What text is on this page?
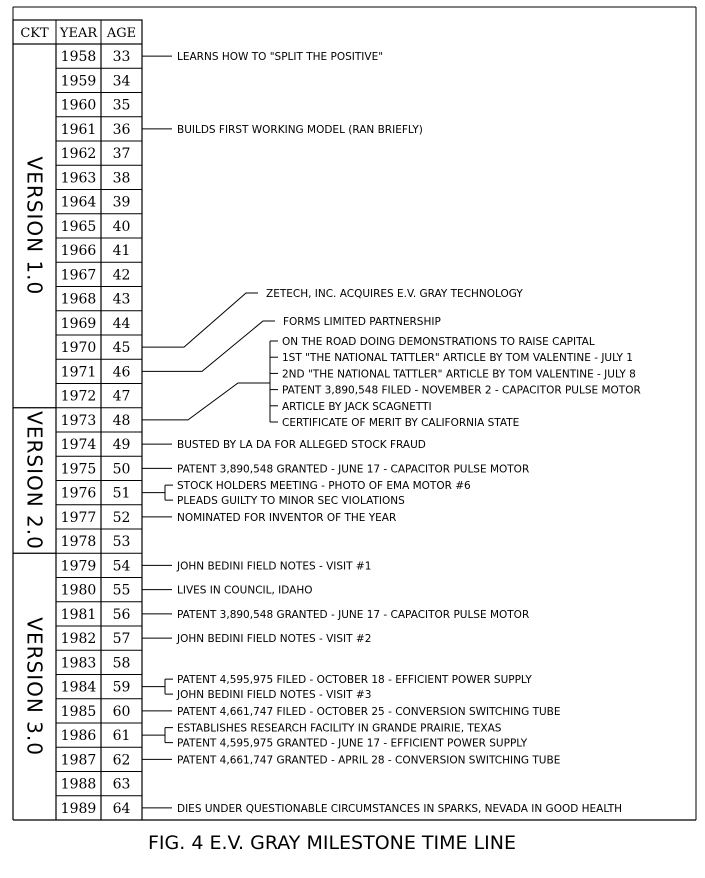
CKT YEAR AGE
1958 33
1959 34
1960 35
1961 36
1962 37
1963 38
1964 39
1965 40
1966 41
1967 42
1968 43
1969 44
1970 45
1971 46
1972 47
1973 48
1974 49
1975 50
1976 51
1977 52
1978 53
1979 54
1980 55
1981 56
1982 57
1983 58
1984 59
1985 60
1986 61
1987 62
1988 63
1989 64
VERSION 1.0
VERSION 2.0
VERSION 3.0
LEARNS HOW TO "SPLIT THE POSITIVE"
BUILDS FIRST WORKING MODEL (RAN BRIEFLY)
ZETECH, INC. ACQUIRES E.V. GRAY TECHNOLOGY
FORMS LIMITED PARTNERSHIP
ON THE ROAD DOING DEMONSTRATIONS TO RAISE CAPITAL
1ST "THE NATIONAL TATTLER" ARTICLE BY TOM VALENTINE - JULY 1
2ND "THE NATIONAL TATTLER" ARTICLE BY TOM VALENTINE - JULY 8
PATENT 3,890,548 FILED - NOVEMBER 2 - CAPACITOR PULSE MOTOR
ARTICLE BY JACK SCAGNETTI
CERTIFICATE OF MERIT BY CALIFORNIA STATE
BUSTED BY LA DA FOR ALLEGED STOCK FRAUD
PATENT 3,890,548 GRANTED - JUNE 17 - CAPACITOR PULSE MOTOR
STOCK HOLDERS MEETING - PHOTO OF EMA MOTOR #6
PLEADS GUILTY TO MINOR SEC VIOLATIONS
NOMINATED FOR INVENTOR OF THE YEAR
JOHN BEDINI FIELD NOTES - VISIT #1
LIVES IN COUNCIL, IDAHO
PATENT 3,890,548 GRANTED - JUNE 17 - CAPACITOR PULSE MOTOR
JOHN BEDINI FIELD NOTES - VISIT #2
PATENT 4,595,975 FILED - OCTOBER 18 - EFFICIENT POWER SUPPLY
JOHN BEDINI FIELD NOTES - VISIT #3
PATENT 4,661,747 FILED - OCTOBER 25 - CONVERSION SWITCHING TUBE
ESTABLISHES RESEARCH FACILITY IN GRANDE PRAIRIE, TEXAS
PATENT 4,595,975 GRANTED - JUNE 17 - EFFICIENT POWER SUPPLY
PATENT 4,661,747 GRANTED - APRIL 28 - CONVERSION SWITCHING TUBE
DIES UNDER QUESTIONABLE CIRCUMSTANCES IN SPARKS, NEVADA IN GOOD HEALTH
FIG. 4 E.V. GRAY MILESTONE TIME LINE
